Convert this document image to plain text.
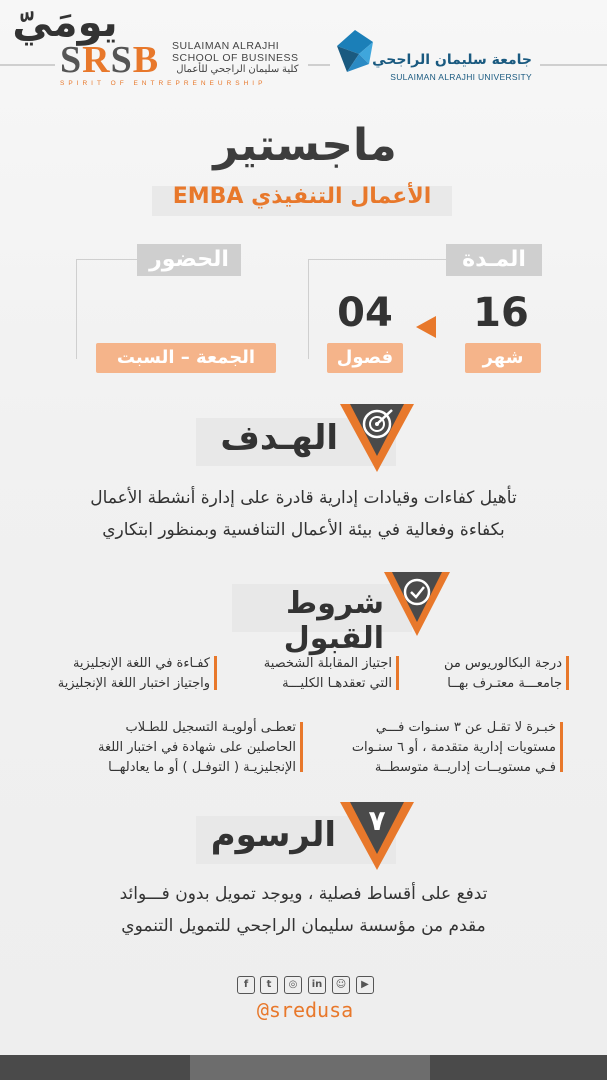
SRSB SULAIMAN ALRAJHI
SCHOOL OF BUSINESS
كلية سليمان الراجحي للأعمال
SPIRIT OF ENTREPRENEURSHIP
جامعة سليمان الراجحي
SULAIMAN ALRAJHI UNIVERSITY
ماجستير
الأعمال التنفيذي EMBA
الحضور
يومَيّ
الجمعة – السبت
المـدة
16
04
شهر
فصول
الهـدف
تأهيل كفاءات وقيادات إدارية قادرة على إدارة أنشطة الأعمال
بكفاءة وفعالية في بيئة الأعمال التنافسية وبمنظور ابتكاري
شروط القبول
درجة البكالوريوس من
جامعـــة معتـرف بهــا
اجتياز المقابلة الشخصية
التي تعقدهـا الكليـــة
كفـاءة في اللغة الإنجليزية
واجتياز اختبار اللغة الإنجليزية
خبـرة لا تقـل عن ٣ سنـوات فـــي
مستويات إدارية متقدمة ، أو ٦ سنـوات
فـي مستويــات إداريــة متوسطــة
تعطـى أولويـة التسجيل للطـلاب
الحاصلين على شهادة في اختبار اللغة
الإنجليزيـة ( التوفـل ) أو ما يعادلهــا
الرسوم	٧
تدفع على أقساط فصلية ، ويوجد تمويل بدون فـــوائد
مقدم من مؤسسة سليمان الراجحي للتمويل التنموي
f	t	◎	in	☺	▶
@sredusa
